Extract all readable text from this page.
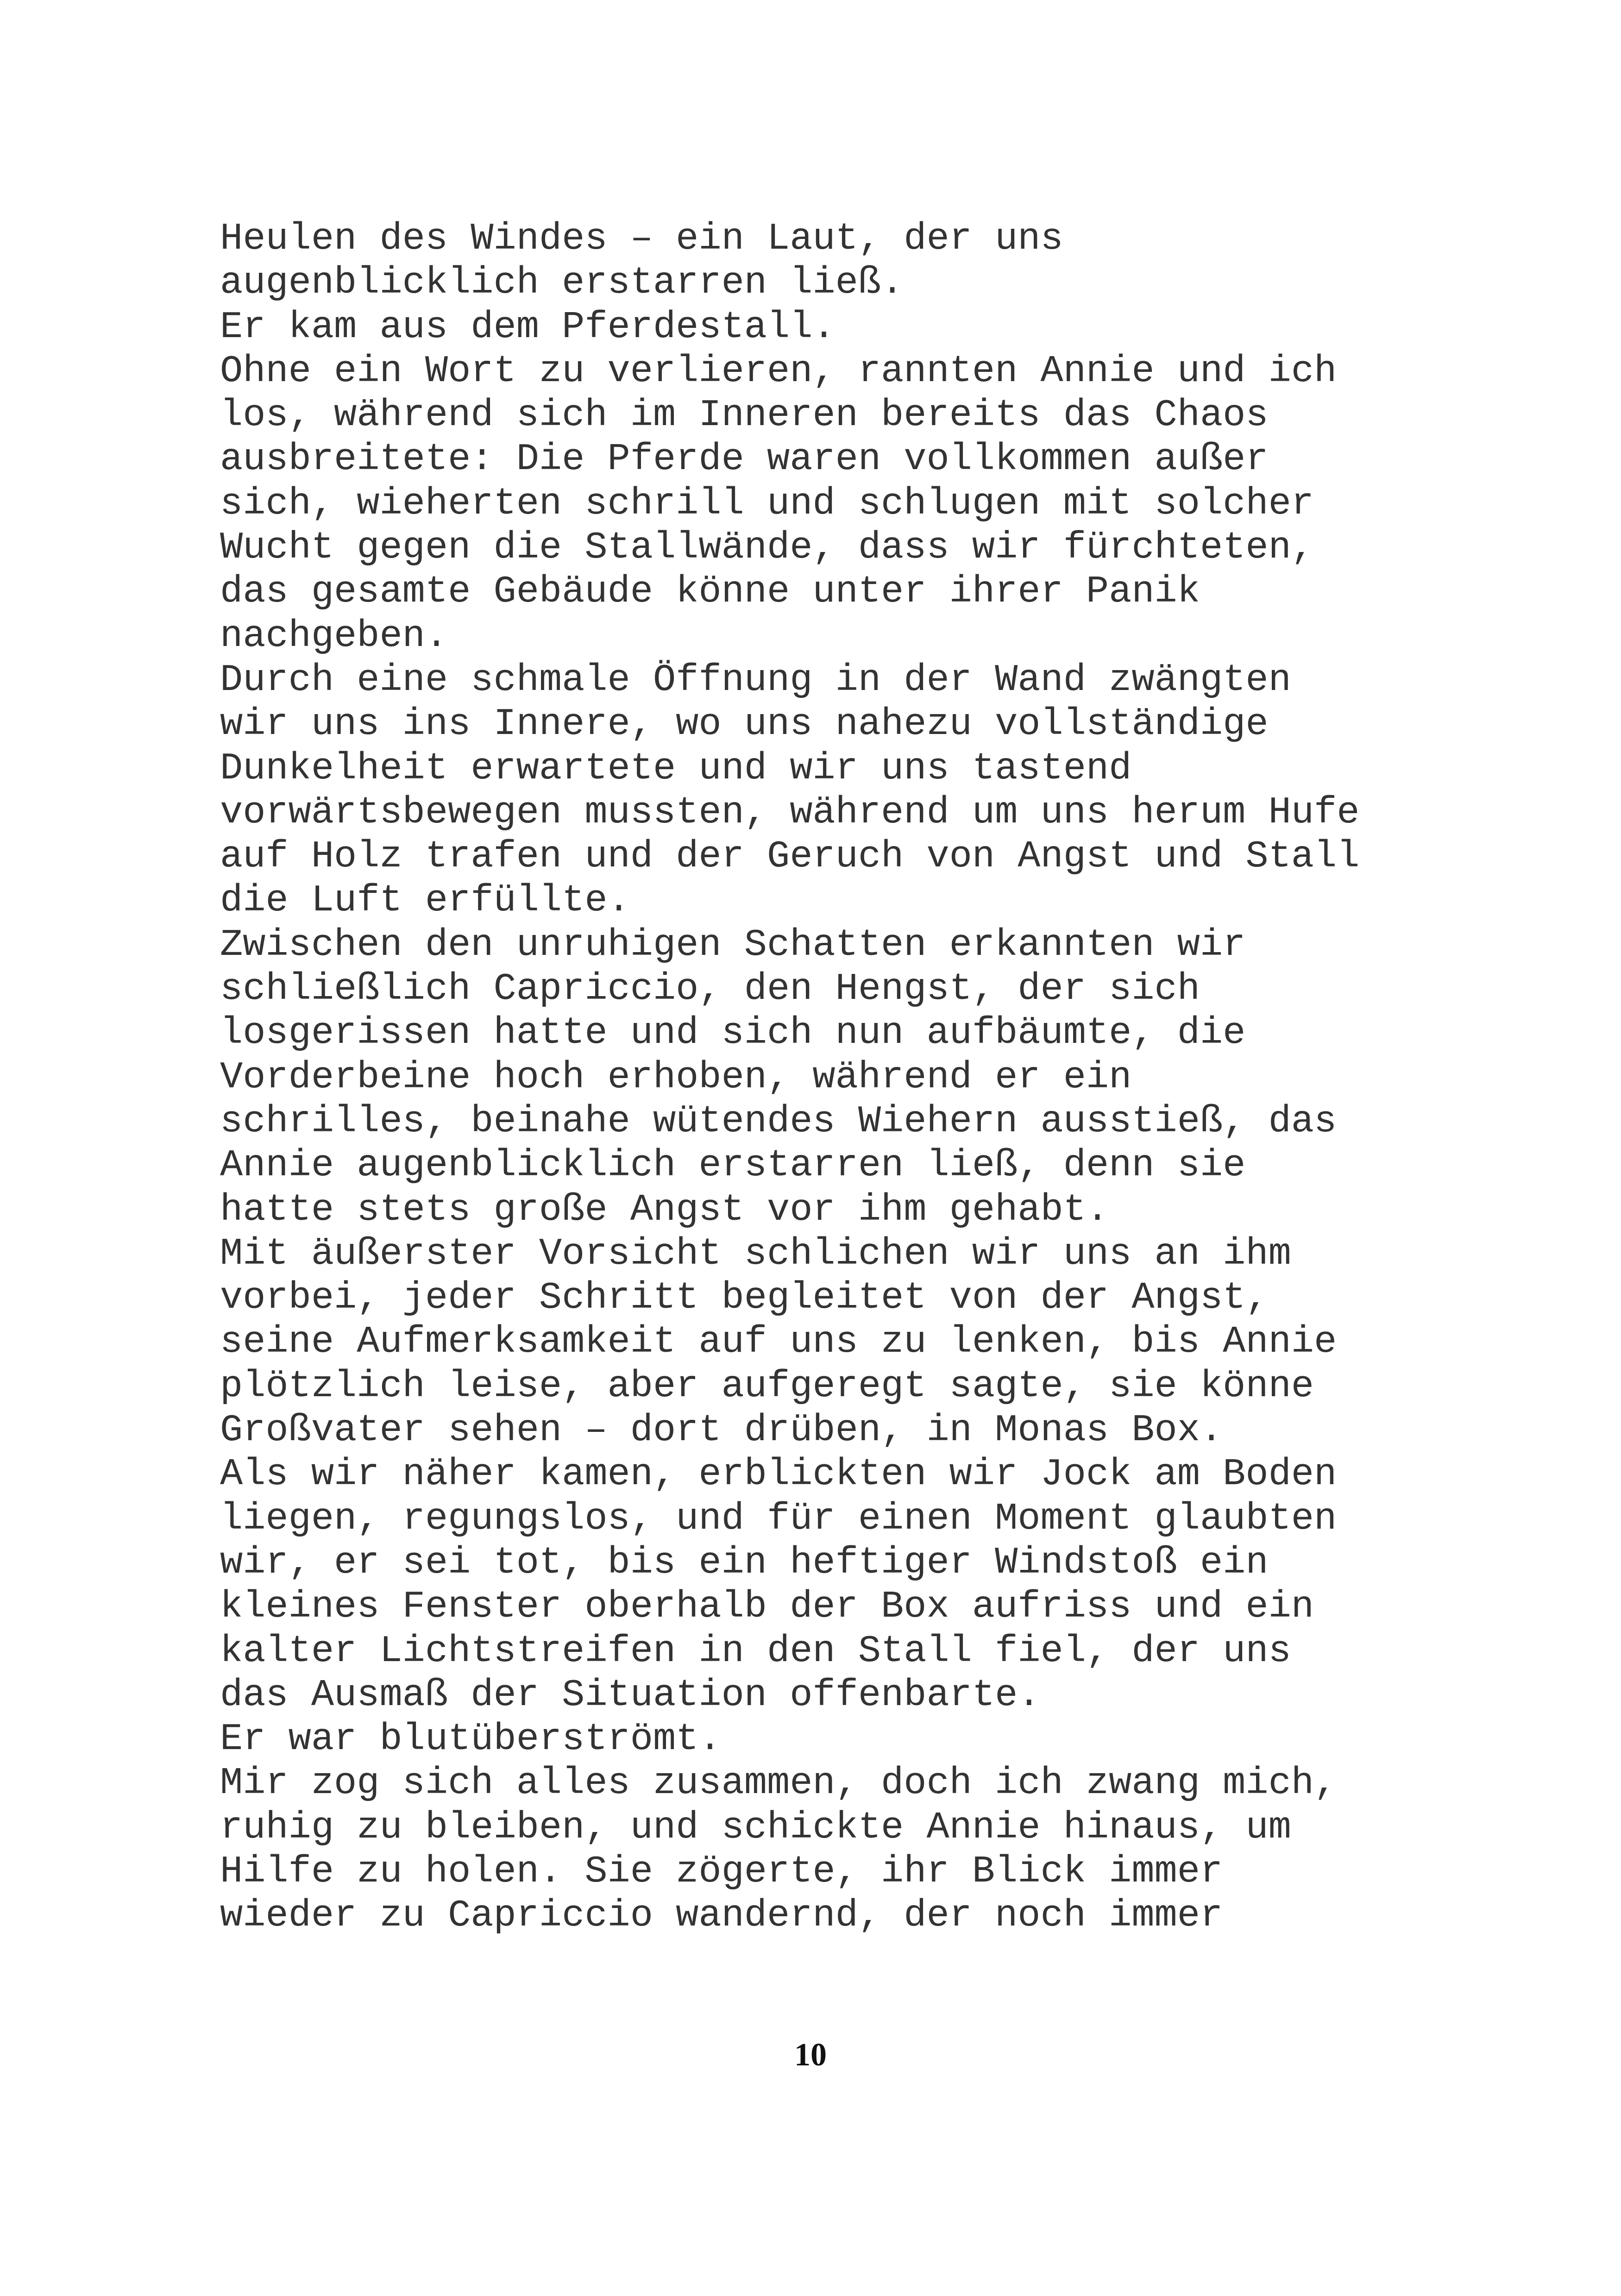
Heulen des Windes – ein Laut, der uns
augenblicklich erstarren ließ.
Er kam aus dem Pferdestall.
Ohne ein Wort zu verlieren, rannten Annie und ich
los, während sich im Inneren bereits das Chaos
ausbreitete: Die Pferde waren vollkommen außer
sich, wieherten schrill und schlugen mit solcher
Wucht gegen die Stallwände, dass wir fürchteten,
das gesamte Gebäude könne unter ihrer Panik
nachgeben.
Durch eine schmale Öffnung in der Wand zwängten
wir uns ins Innere, wo uns nahezu vollständige
Dunkelheit erwartete und wir uns tastend
vorwärtsbewegen mussten, während um uns herum Hufe
auf Holz trafen und der Geruch von Angst und Stall
die Luft erfüllte.
Zwischen den unruhigen Schatten erkannten wir
schließlich Capriccio, den Hengst, der sich
losgerissen hatte und sich nun aufbäumte, die
Vorderbeine hoch erhoben, während er ein
schrilles, beinahe wütendes Wiehern ausstieß, das
Annie augenblicklich erstarren ließ, denn sie
hatte stets große Angst vor ihm gehabt.
Mit äußerster Vorsicht schlichen wir uns an ihm
vorbei, jeder Schritt begleitet von der Angst,
seine Aufmerksamkeit auf uns zu lenken, bis Annie
plötzlich leise, aber aufgeregt sagte, sie könne
Großvater sehen – dort drüben, in Monas Box.
Als wir näher kamen, erblickten wir Jock am Boden
liegen, regungslos, und für einen Moment glaubten
wir, er sei tot, bis ein heftiger Windstoß ein
kleines Fenster oberhalb der Box aufriss und ein
kalter Lichtstreifen in den Stall fiel, der uns
das Ausmaß der Situation offenbarte.
Er war blutüberströmt.
Mir zog sich alles zusammen, doch ich zwang mich,
ruhig zu bleiben, und schickte Annie hinaus, um
Hilfe zu holen. Sie zögerte, ihr Blick immer
wieder zu Capriccio wandernd, der noch immer
10
